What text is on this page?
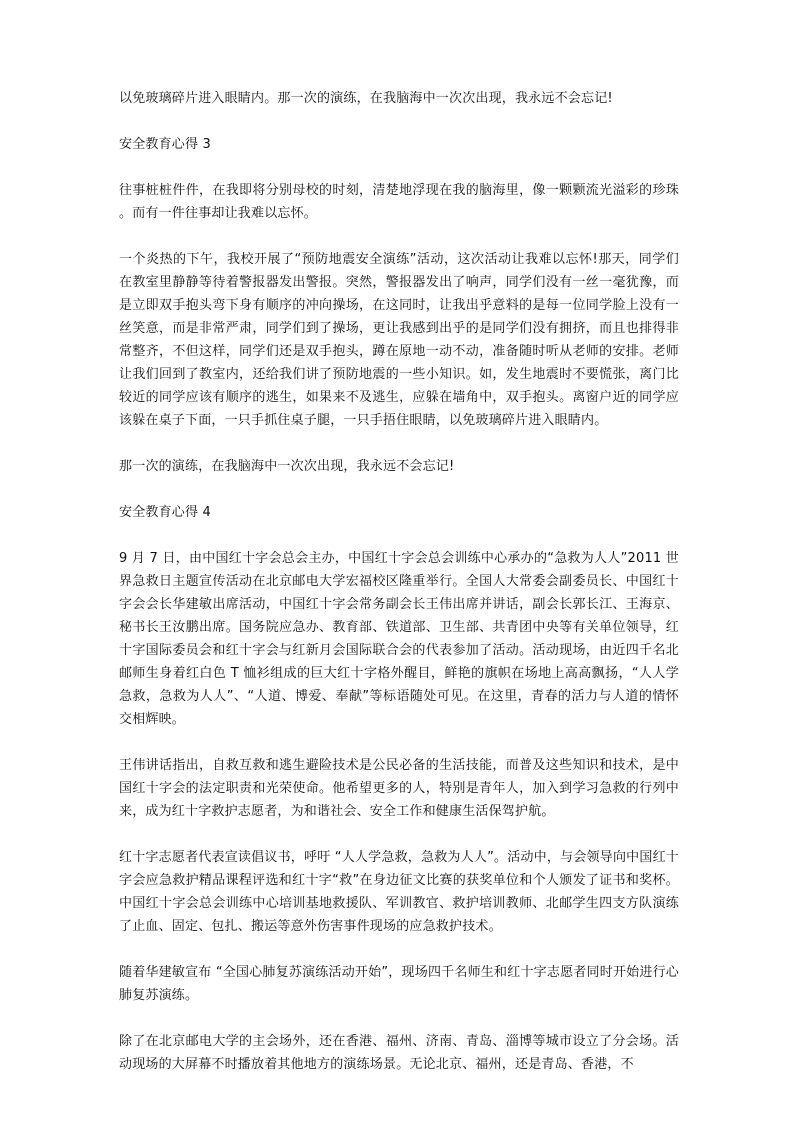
以免玻璃碎片进入眼睛内。那一次的演练，在我脑海中一次次出现，我永远不会忘记!

安全教育心得 3

往事桩桩件件，在我即将分别母校的时刻，清楚地浮现在我的脑海里，像一颗颗流光溢彩的珍珠。而有一件往事却让我难以忘怀。

一个炎热的下午，我校开展了“预防地震安全演练”活动，这次活动让我难以忘怀!那天，同学们在教室里静静等待着警报器发出警报。突然，警报器发出了响声，同学们没有一丝一毫犹豫，而是立即双手抱头弯下身有顺序的冲向操场，在这同时，让我出乎意料的是每一位同学脸上没有一丝笑意，而是非常严肃，同学们到了操场，更让我感到出乎的是同学们没有拥挤，而且也排得非常整齐，不但这样，同学们还是双手抱头，蹲在原地一动不动，准备随时听从老师的安排。老师让我们回到了教室内，还给我们讲了预防地震的一些小知识。如，发生地震时不要慌张，离门比较近的同学应该有顺序的逃生，如果来不及逃生，应躲在墙角中，双手抱头。离窗户近的同学应该躲在桌子下面，一只手抓住桌子腿，一只手捂住眼睛，以免玻璃碎片进入眼睛内。

那一次的演练，在我脑海中一次次出现，我永远不会忘记!

安全教育心得 4

9 月 7 日，由中国红十字会总会主办，中国红十字会总会训练中心承办的“急救为人人”2011 世界急救日主题宣传活动在北京邮电大学宏福校区隆重举行。全国人大常委会副委员长、中国红十字会会长华建敏出席活动，中国红十字会常务副会长王伟出席并讲话，副会长郭长江、王海京、秘书长王汝鹏出席。国务院应急办、教育部、铁道部、卫生部、共青团中央等有关单位领导，红十字国际委员会和红十字会与红新月会国际联合会的代表参加了活动。活动现场，由近四千名北邮师生身着红白色 T 恤衫组成的巨大红十字格外醒目，鲜艳的旗帜在场地上高高飘扬，“人人学急救，急救为人人”、“人道、博爱、奉献”等标语随处可见。在这里，青春的活力与人道的情怀交相辉映。

王伟讲话指出，自救互救和逃生避险技术是公民必备的生活技能，而普及这些知识和技术，是中国红十字会的法定职责和光荣使命。他希望更多的人，特别是青年人，加入到学习急救的行列中来，成为红十字救护志愿者，为和谐社会、安全工作和健康生活保驾护航。

红十字志愿者代表宣读倡议书，呼吁 “人人学急救，急救为人人”。活动中，与会领导向中国红十字会应急救护精品课程评选和红十字“救”在身边征文比赛的获奖单位和个人颁发了证书和奖杯。中国红十字会总会训练中心培训基地救援队、军训教官、救护培训教师、北邮学生四支方队演练了止血、固定、包扎、搬运等意外伤害事件现场的应急救护技术。

随着华建敏宣布 “全国心肺复苏演练活动开始”，现场四千名师生和红十字志愿者同时开始进行心肺复苏演练。

除了在北京邮电大学的主会场外，还在香港、福州、济南、青岛、淄博等城市设立了分会场。活动现场的大屏幕不时播放着其他地方的演练场景。无论北京、福州，还是青岛、香港，不
